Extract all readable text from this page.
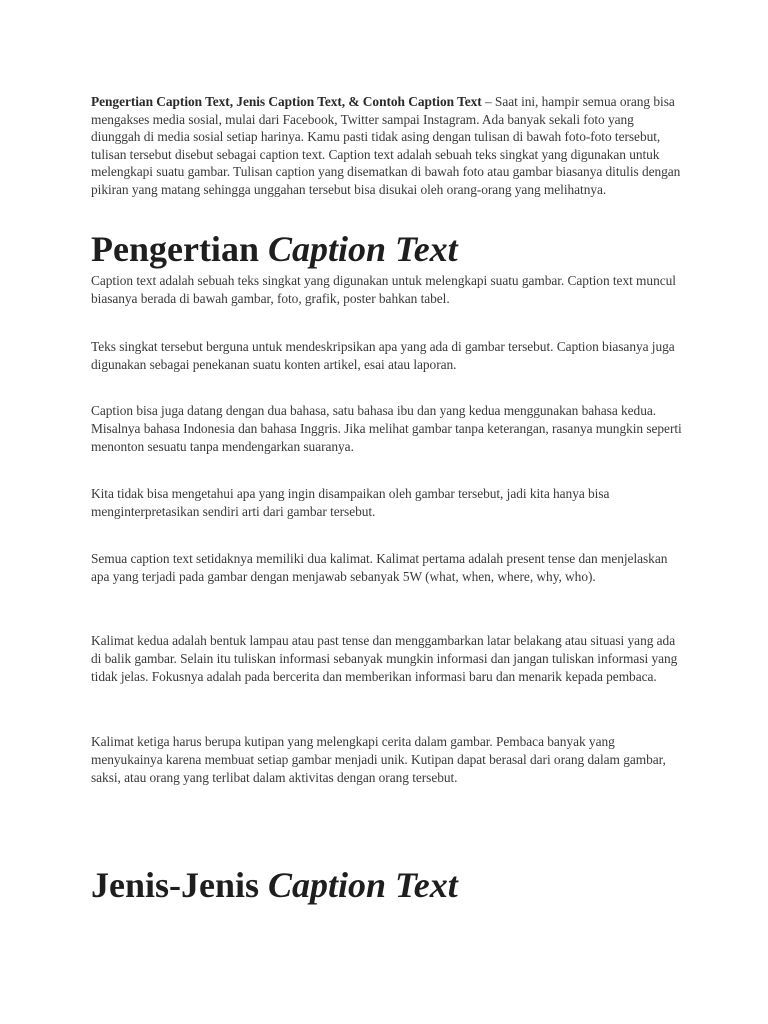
Pengertian Caption Text, Jenis Caption Text, & Contoh Caption Text – Saat ini, hampir semua orang bisa mengakses media sosial, mulai dari Facebook, Twitter sampai Instagram. Ada banyak sekali foto yang diunggah di media sosial setiap harinya. Kamu pasti tidak asing dengan tulisan di bawah foto-foto tersebut, tulisan tersebut disebut sebagai caption text. Caption text adalah sebuah teks singkat yang digunakan untuk melengkapi suatu gambar. Tulisan caption yang disematkan di bawah foto atau gambar biasanya ditulis dengan pikiran yang matang sehingga unggahan tersebut bisa disukai oleh orang-orang yang melihatnya.

Pengertian Caption Text

Caption text adalah sebuah teks singkat yang digunakan untuk melengkapi suatu gambar. Caption text muncul biasanya berada di bawah gambar, foto, grafik, poster bahkan tabel.

Teks singkat tersebut berguna untuk mendeskripsikan apa yang ada di gambar tersebut. Caption biasanya juga digunakan sebagai penekanan suatu konten artikel, esai atau laporan.

Caption bisa juga datang dengan dua bahasa, satu bahasa ibu dan yang kedua menggunakan bahasa kedua. Misalnya bahasa Indonesia dan bahasa Inggris. Jika melihat gambar tanpa keterangan, rasanya mungkin seperti menonton sesuatu tanpa mendengarkan suaranya.

Kita tidak bisa mengetahui apa yang ingin disampaikan oleh gambar tersebut, jadi kita hanya bisa menginterpretasikan sendiri arti dari gambar tersebut.

Semua caption text setidaknya memiliki dua kalimat. Kalimat pertama adalah present tense dan menjelaskan apa yang terjadi pada gambar dengan menjawab sebanyak 5W (what, when, where, why, who).

Kalimat kedua adalah bentuk lampau atau past tense dan menggambarkan latar belakang atau situasi yang ada di balik gambar. Selain itu tuliskan informasi sebanyak mungkin informasi dan jangan tuliskan informasi yang tidak jelas. Fokusnya adalah pada bercerita dan memberikan informasi baru dan menarik kepada pembaca.

Kalimat ketiga harus berupa kutipan yang melengkapi cerita dalam gambar. Pembaca banyak yang menyukainya karena membuat setiap gambar menjadi unik. Kutipan dapat berasal dari orang dalam gambar, saksi, atau orang yang terlibat dalam aktivitas dengan orang tersebut.

Jenis-Jenis Caption Text
